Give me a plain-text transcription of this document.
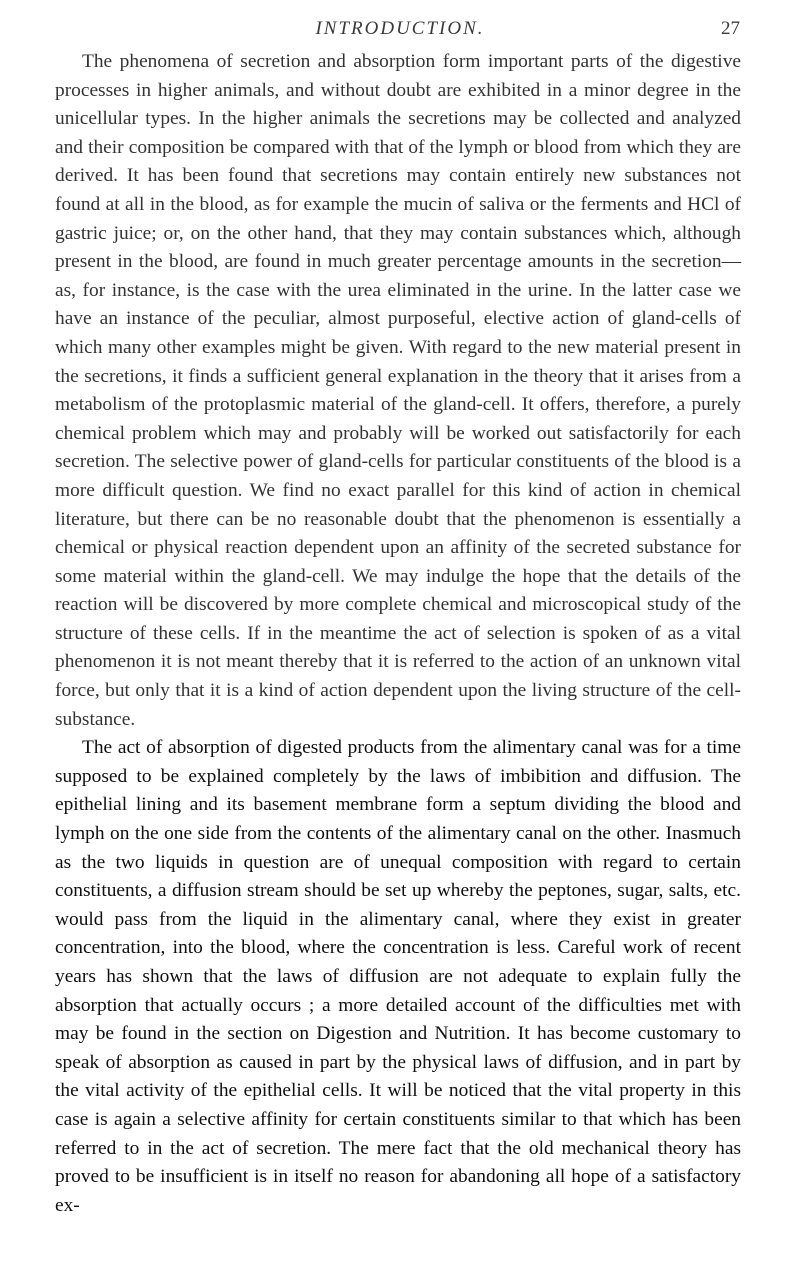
INTRODUCTION.	27

The phenomena of secretion and absorption form important parts of the digestive processes in higher animals, and without doubt are exhibited in a minor degree in the unicellular types. In the higher animals the secretions may be collected and analyzed and their composition be compared with that of the lymph or blood from which they are derived. It has been found that secretions may contain entirely new substances not found at all in the blood, as for example the mucin of saliva or the ferments and HCl of gastric juice; or, on the other hand, that they may contain substances which, although present in the blood, are found in much greater percentage amounts in the secretion—as, for instance, is the case with the urea eliminated in the urine. In the latter case we have an instance of the peculiar, almost purposeful, elective action of gland-cells of which many other examples might be given. With regard to the new material present in the secretions, it finds a sufficient general explanation in the theory that it arises from a metabolism of the protoplasmic material of the gland-cell. It offers, therefore, a purely chemical problem which may and probably will be worked out satisfactorily for each secretion. The selective power of gland-cells for particular constituents of the blood is a more difficult question. We find no exact parallel for this kind of action in chemical literature, but there can be no reasonable doubt that the phenomenon is essentially a chemical or physical reaction dependent upon an affinity of the secreted substance for some material within the gland-cell. We may indulge the hope that the details of the reaction will be discovered by more complete chemical and microscopical study of the structure of these cells. If in the meantime the act of selection is spoken of as a vital phenomenon it is not meant thereby that it is referred to the action of an unknown vital force, but only that it is a kind of action dependent upon the living structure of the cell-substance.

The act of absorption of digested products from the alimentary canal was for a time supposed to be explained completely by the laws of imbibition and diffusion. The epithelial lining and its basement membrane form a septum dividing the blood and lymph on the one side from the contents of the alimentary canal on the other. Inasmuch as the two liquids in question are of unequal composition with regard to certain constituents, a diffusion stream should be set up whereby the peptones, sugar, salts, etc. would pass from the liquid in the alimentary canal, where they exist in greater concentration, into the blood, where the concentration is less. Careful work of recent years has shown that the laws of diffusion are not adequate to explain fully the absorption that actually occurs ; a more detailed account of the difficulties met with may be found in the section on Digestion and Nutrition. It has become customary to speak of absorption as caused in part by the physical laws of diffusion, and in part by the vital activity of the epithelial cells. It will be noticed that the vital property in this case is again a selective affinity for certain constituents similar to that which has been referred to in the act of secretion. The mere fact that the old mechanical theory has proved to be insufficient is in itself no reason for abandoning all hope of a satisfactory ex-
